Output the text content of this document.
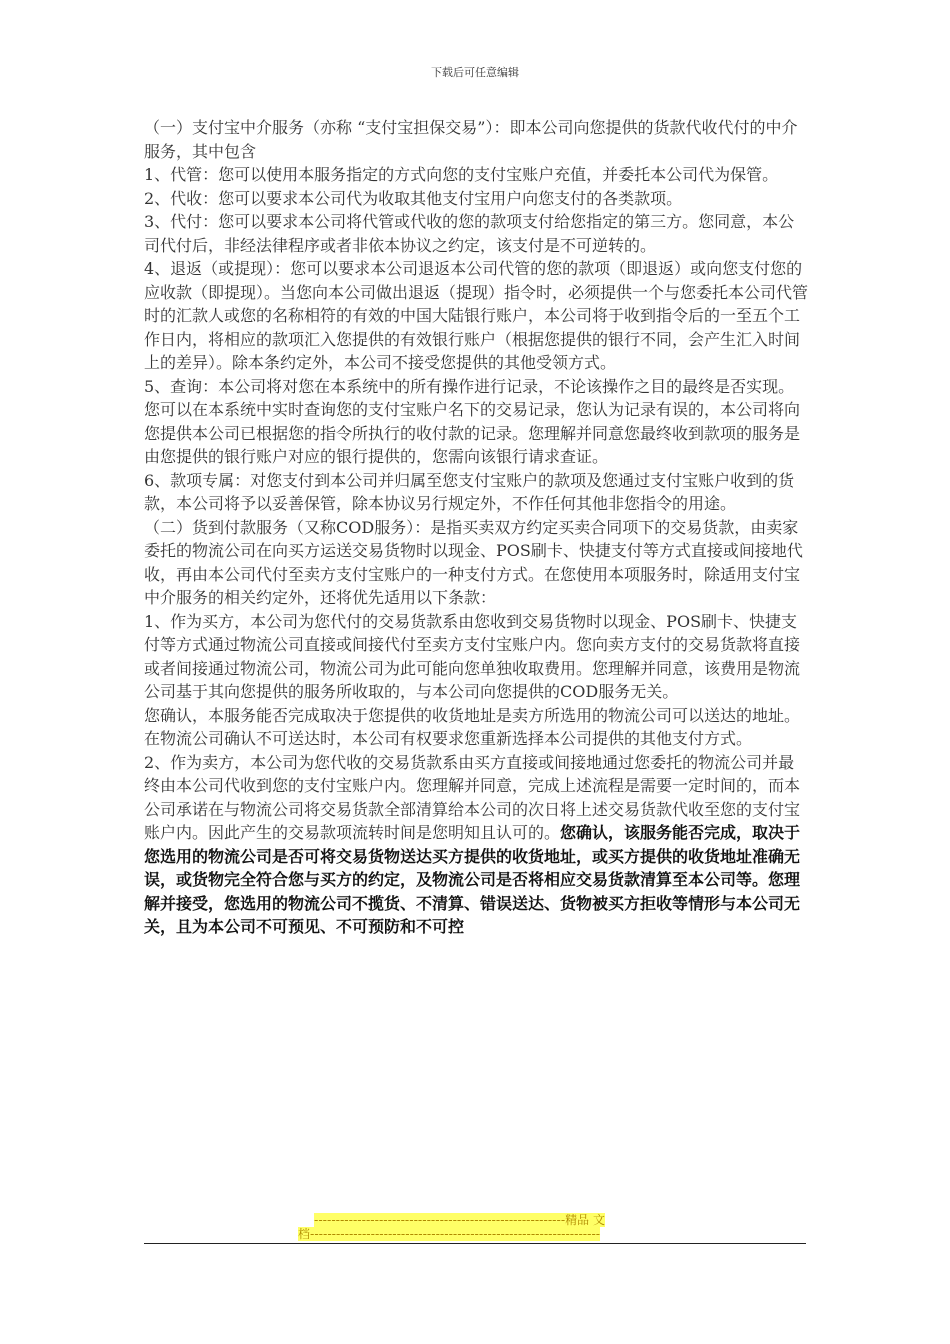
下载后可任意编辑

（一）支付宝中介服务（亦称 “支付宝担保交易”）：即本公司向您提供的货款代收代付的中介服务，其中包含

1、代管：您可以使用本服务指定的方式向您的支付宝账户充值，并委托本公司代为保管。

2、代收：您可以要求本公司代为收取其他支付宝用户向您支付的各类款项。

3、代付：您可以要求本公司将代管或代收的您的款项支付给您指定的第三方。您同意，本公司代付后，非经法律程序或者非依本协议之约定，该支付是不可逆转的。

4、退返（或提现）：您可以要求本公司退返本公司代管的您的款项（即退返）或向您支付您的应收款（即提现）。当您向本公司做出退返（提现）指令时，必须提供一个与您委托本公司代管时的汇款人或您的名称相符的有效的中国大陆银行账户，本公司将于收到指令后的一至五个工作日内，将相应的款项汇入您提供的有效银行账户（根据您提供的银行不同，会产生汇入时间上的差异）。除本条约定外，本公司不接受您提供的其他受领方式。

5、查询：本公司将对您在本系统中的所有操作进行记录，不论该操作之目的最终是否实现。您可以在本系统中实时查询您的支付宝账户名下的交易记录，您认为记录有误的，本公司将向您提供本公司已根据您的指令所执行的收付款的记录。您理解并同意您最终收到款项的服务是由您提供的银行账户对应的银行提供的，您需向该银行请求查证。

6、款项专属：对您支付到本公司并归属至您支付宝账户的款项及您通过支付宝账户收到的货款，本公司将予以妥善保管，除本协议另行规定外，不作任何其他非您指令的用途。

（二）货到付款服务（又称COD服务）：是指买卖双方约定买卖合同项下的交易货款，由卖家委托的物流公司在向买方运送交易货物时以现金、POS刷卡、快捷支付等方式直接或间接地代收，再由本公司代付至卖方支付宝账户的一种支付方式。在您使用本项服务时，除适用支付宝中介服务的相关约定外，还将优先适用以下条款：

1、作为买方，本公司为您代付的交易货款系由您收到交易货物时以现金、POS刷卡、快捷支付等方式通过物流公司直接或间接代付至卖方支付宝账户内。您向卖方支付的交易货款将直接或者间接通过物流公司，物流公司为此可能向您单独收取费用。您理解并同意，该费用是物流公司基于其向您提供的服务所收取的，与本公司向您提供的COD服务无关。

您确认，本服务能否完成取决于您提供的收货地址是卖方所选用的物流公司可以送达的地址。在物流公司确认不可送达时，本公司有权要求您重新选择本公司提供的其他支付方式。

2、作为卖方，本公司为您代收的交易货款系由买方直接或间接地通过您委托的物流公司并最终由本公司代收到您的支付宝账户内。您理解并同意，完成上述流程是需要一定时间的，而本公司承诺在与物流公司将交易货款全部清算给本公司的次日将上述交易货款代收至您的支付宝账户内。因此产生的交易款项流转时间是您明知且认可的。您确认，该服务能否完成，取决于您选用的物流公司是否可将交易货物送达买方提供的收货地址，或买方提供的收货地址准确无误，或货物完全符合您与买方的约定，及物流公司是否将相应交易货款清算至本公司等。您理解并接受，您选用的物流公司不揽货、不清算、错误送达、货物被买方拒收等情形与本公司无关，且为本公司不可预见、不可预防和不可控

----------------------------------------------------------精品 文
档-------------------------------------------------------------------
